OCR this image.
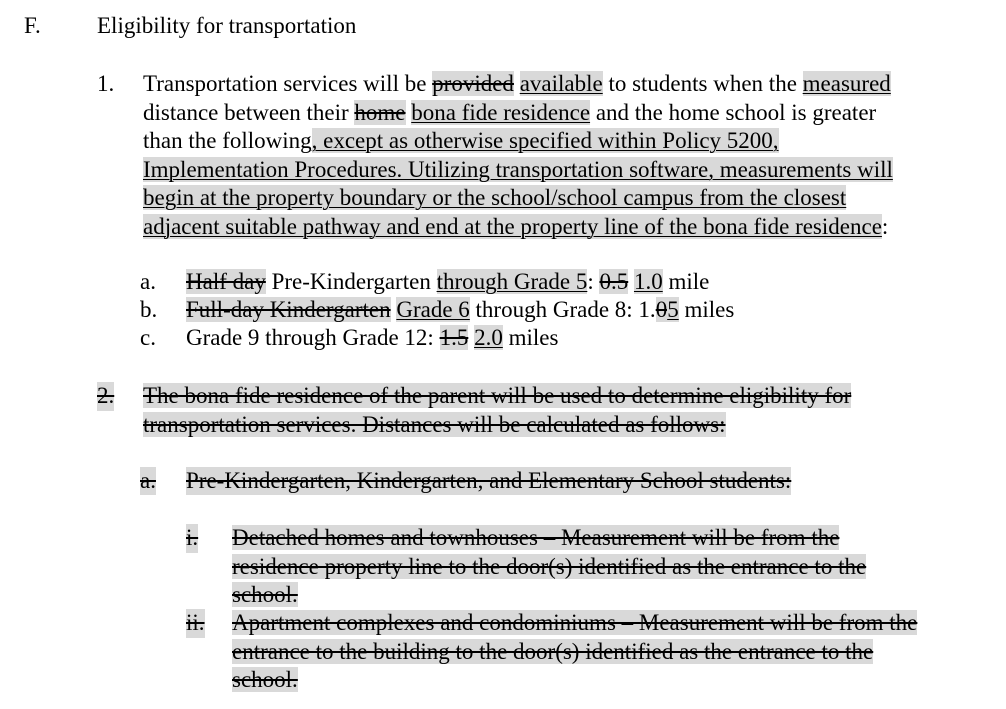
F. Eligibility for transportation
1. Transportation services will be provided available to students when the measured
distance between their home bona fide residence and the home school is greater
than the following, except as otherwise specified within Policy 5200,
Implementation Procedures. Utilizing transportation software, measurements will
begin at the property boundary or the school/school campus from the closest
adjacent suitable pathway and end at the property line of the bona fide residence:
a. Half day Pre-Kindergarten through Grade 5: 0.5 1.0 mile
b. Full-day Kindergarten Grade 6 through Grade 8: 1.05 miles
c. Grade 9 through Grade 12: 1.5 2.0 miles
2. The bona fide residence of the parent will be used to determine eligibility for
transportation services. Distances will be calculated as follows:
a. Pre-Kindergarten, Kindergarten, and Elementary School students:
i. Detached homes and townhouses – Measurement will be from the
residence property line to the door(s) identified as the entrance to the
school.
ii. Apartment complexes and condominiums – Measurement will be from the
entrance to the building to the door(s) identified as the entrance to the
school.
